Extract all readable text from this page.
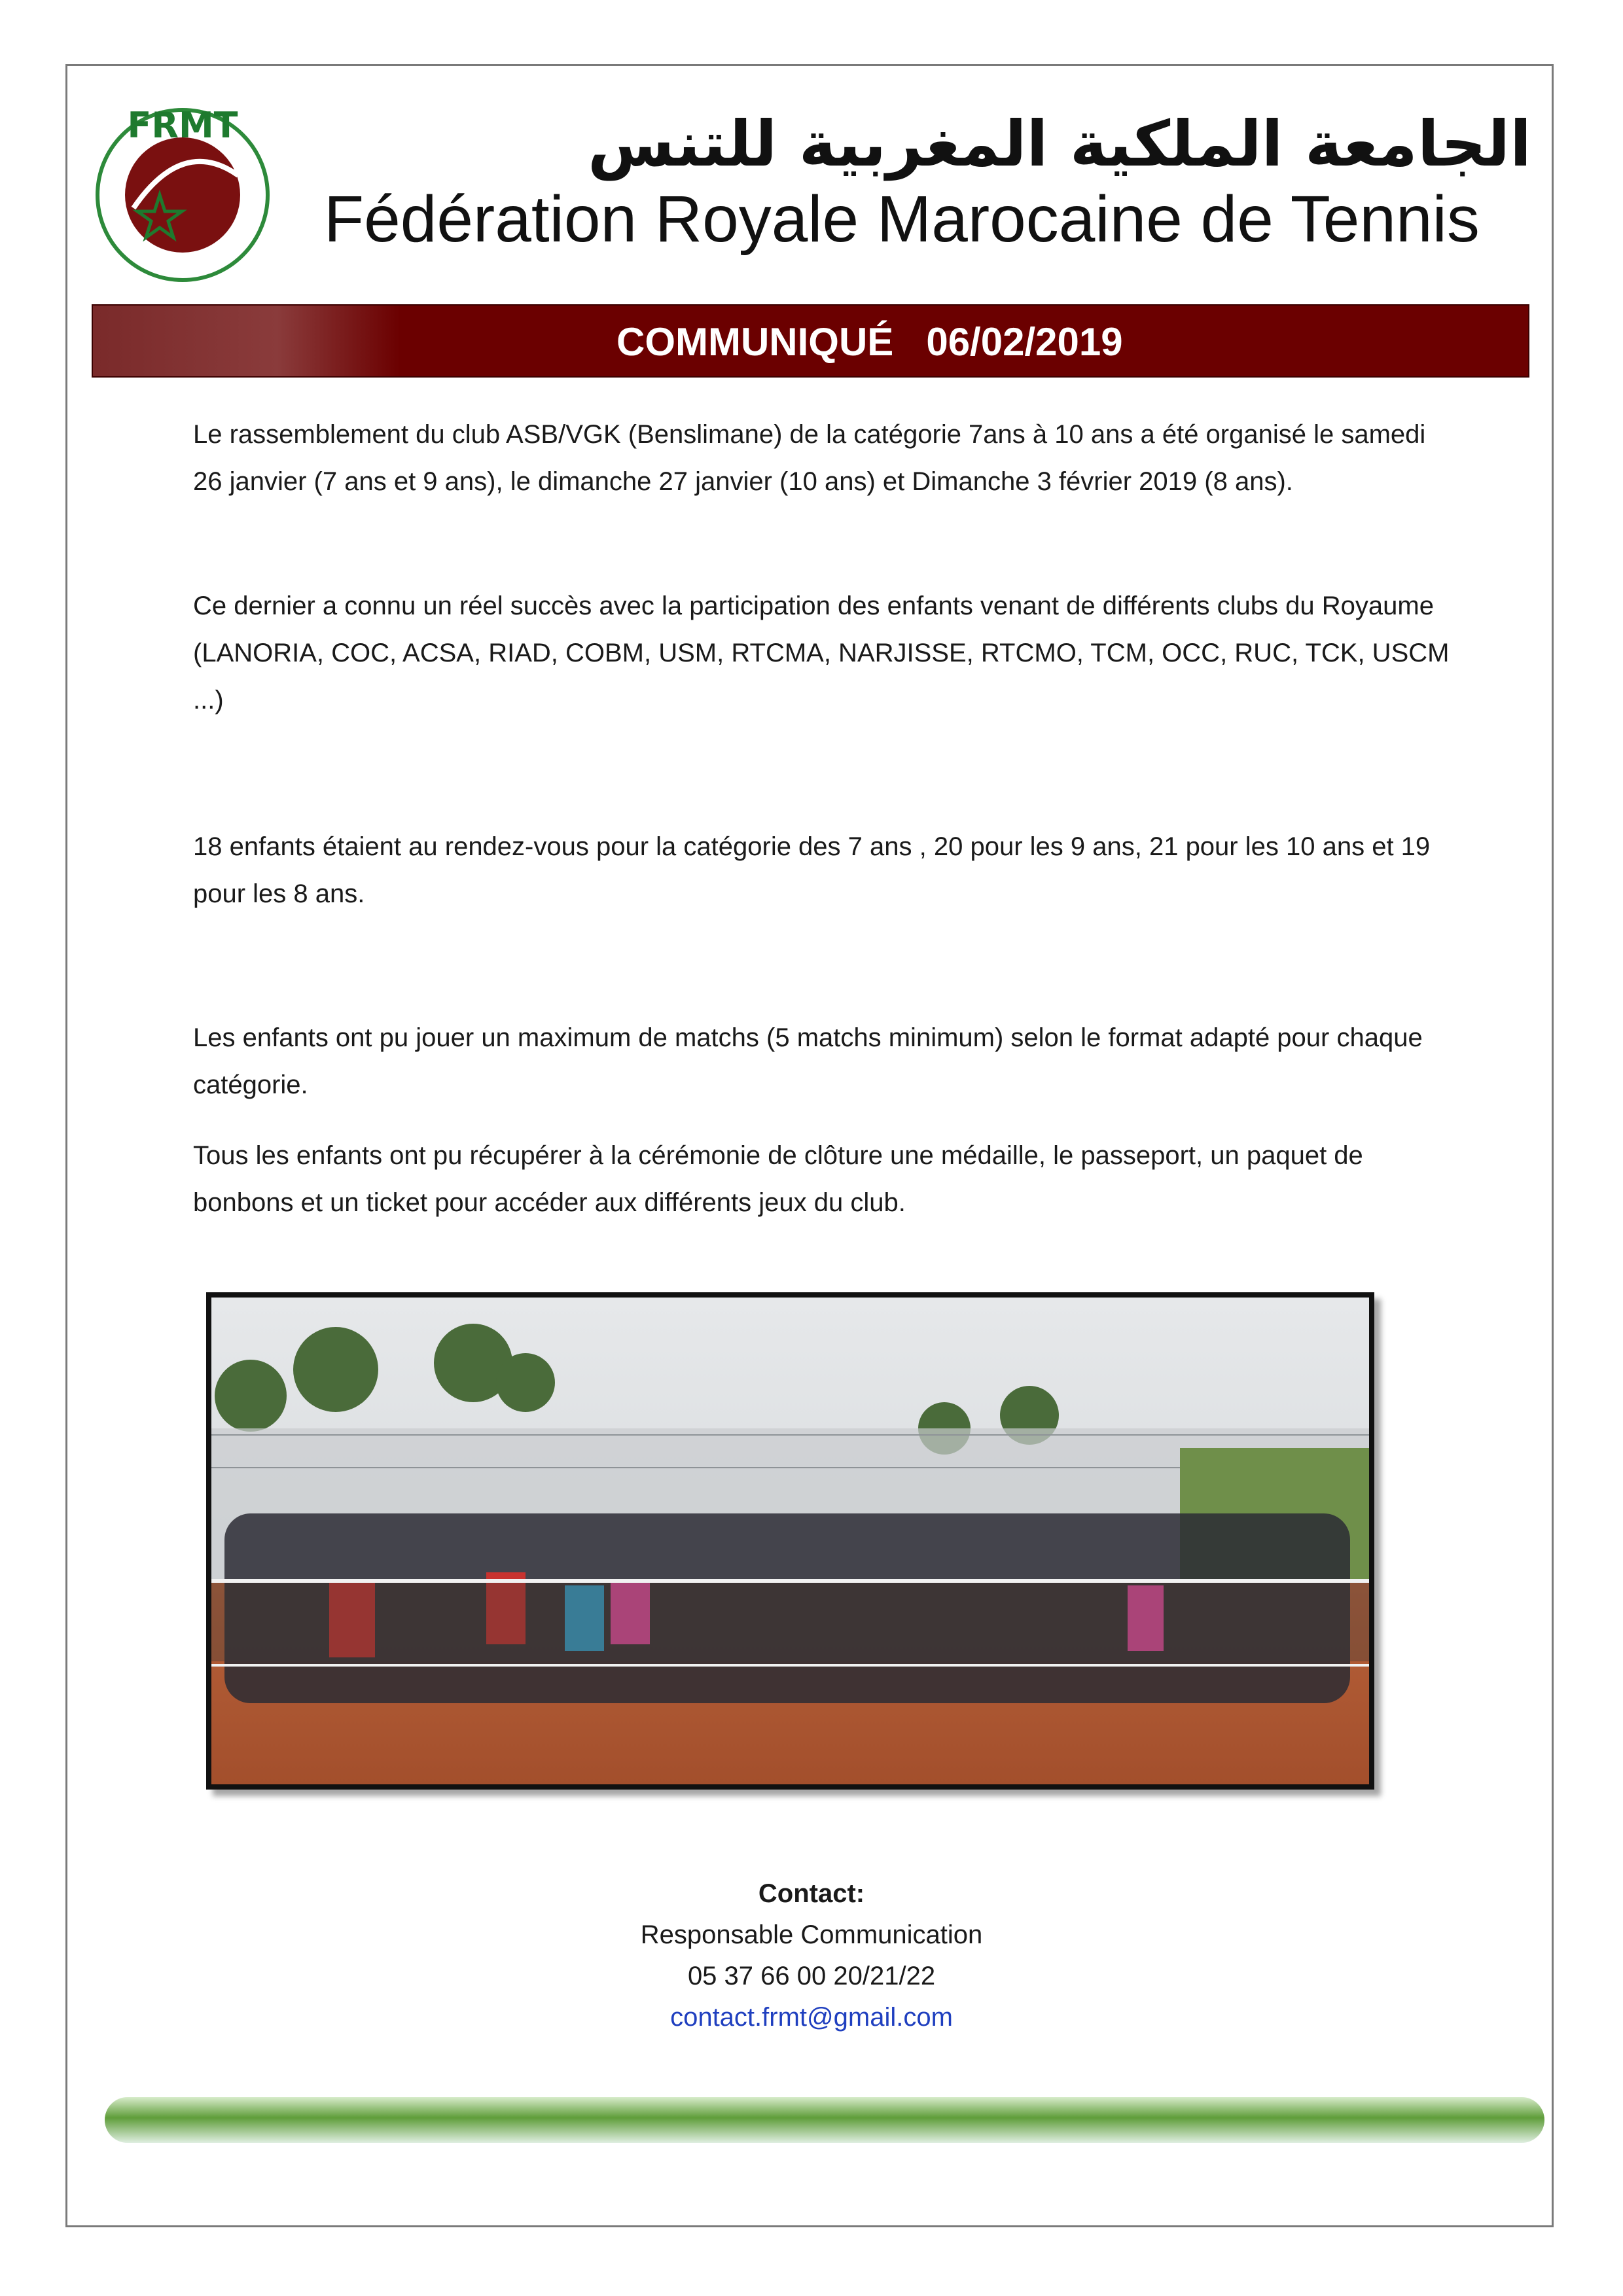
FRMT	الجامعة الملكية المغربية للتنس
Fédération Royale Marocaine de Tennis
COMMUNIQUÉ   06/02/2019
Le rassemblement du club ASB/VGK (Benslimane) de la catégorie 7ans à 10 ans a été organisé le samedi 26 janvier (7 ans et 9 ans), le dimanche 27 janvier (10 ans) et Dimanche 3 février 2019 (8 ans).
Ce dernier a connu un réel succès avec la participation des enfants venant de différents clubs du Royaume (LANORIA, COC, ACSA, RIAD, COBM, USM, RTCMA, NARJISSE, RTCMO, TCM, OCC, RUC, TCK, USCM ...)
18 enfants étaient au rendez-vous pour la catégorie des 7 ans , 20 pour les 9 ans, 21 pour les 10 ans et 19 pour les 8 ans.
Les enfants ont pu jouer un maximum de matchs (5 matchs minimum) selon le format adapté pour chaque catégorie.
Tous les enfants ont pu récupérer à la cérémonie de clôture une médaille, le passeport, un paquet de bonbons et un ticket pour accéder aux différents jeux du club.
Contact:
Responsable Communication
05 37 66 00 20/21/22
contact.frmt@gmail.com
